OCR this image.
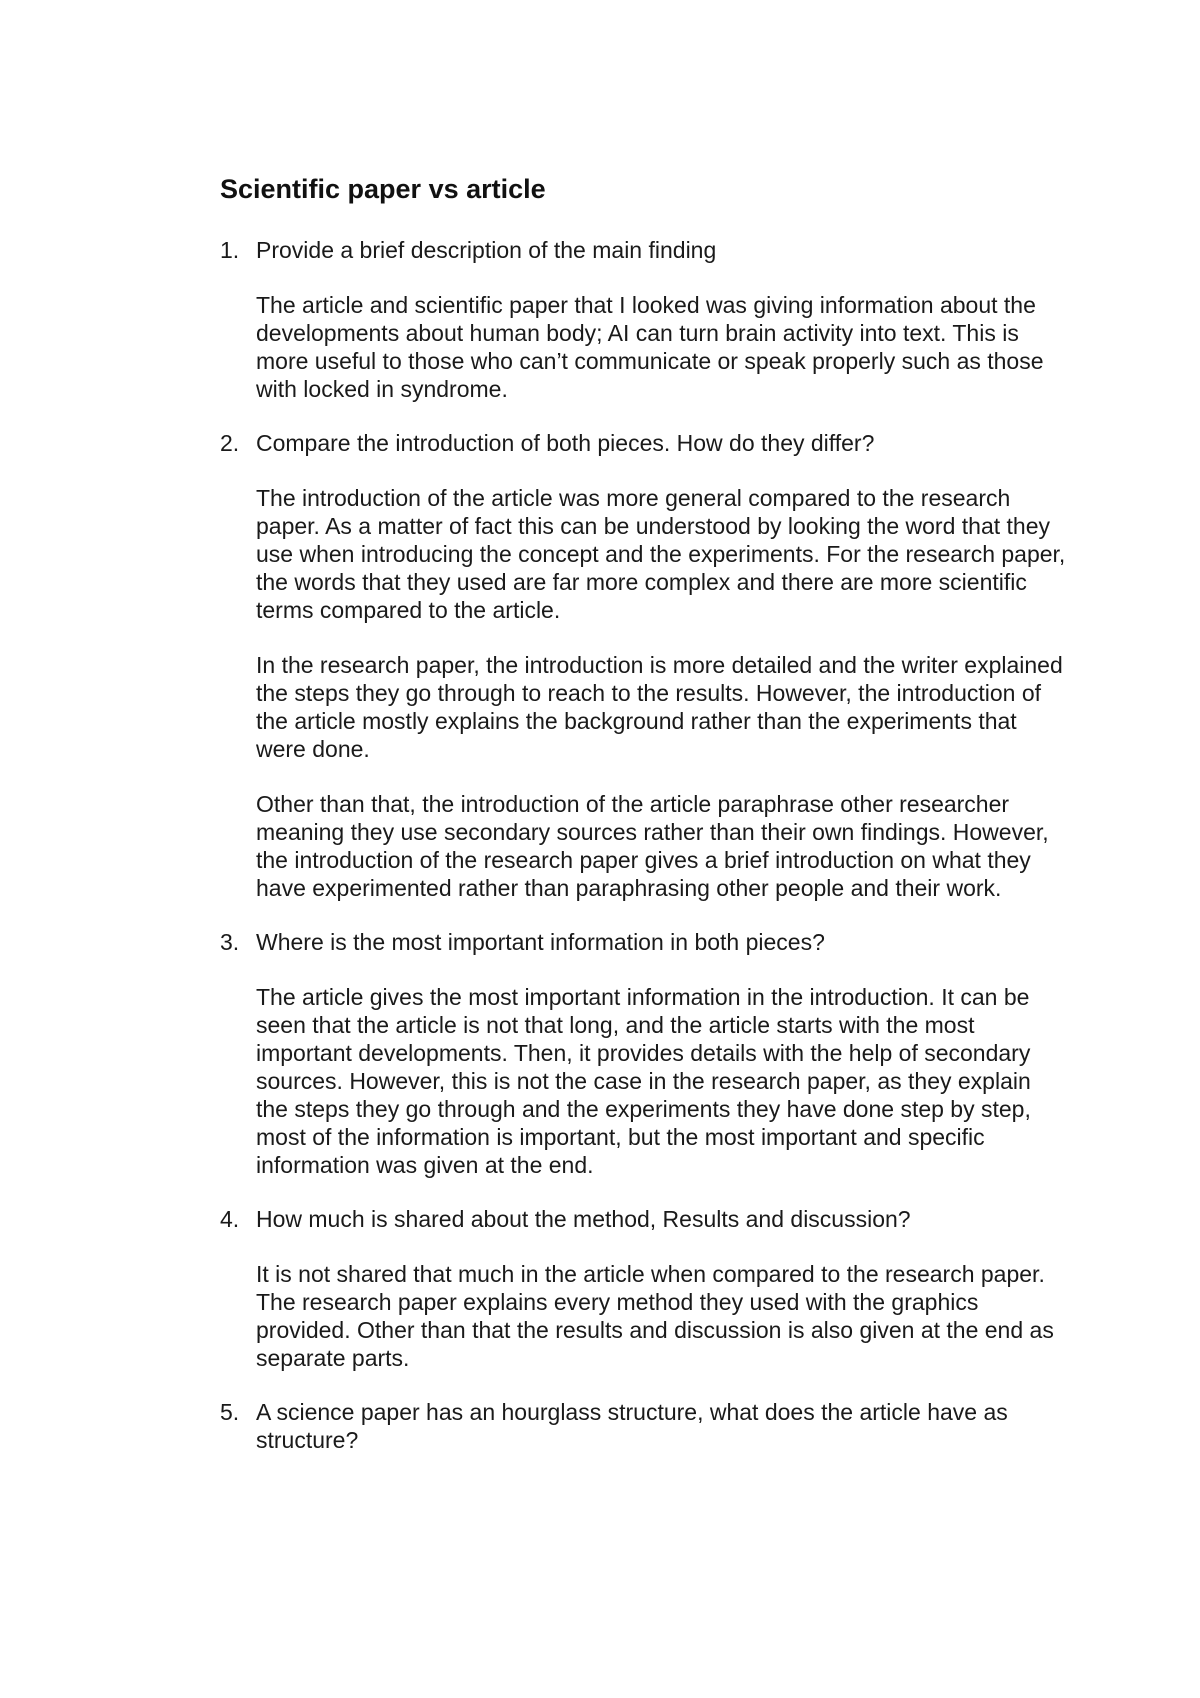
Scientific paper vs article
1. Provide a brief description of the main finding

The article and scientific paper that I looked was giving information about the developments about human body; AI can turn brain activity into text. This is more useful to those who can’t communicate or speak properly such as those with locked in syndrome.

2. Compare the introduction of both pieces. How do they differ?

The introduction of the article was more general compared to the research paper. As a matter of fact this can be understood by looking the word that they use when introducing the concept and the experiments. For the research paper, the words that they used are far more complex and there are more scientific terms compared to the article.

In the research paper, the introduction is more detailed and the writer explained the steps they go through to reach to the results. However, the introduction of the article mostly explains the background rather than the experiments that were done.

Other than that, the introduction of the article paraphrase other researcher meaning they use secondary sources rather than their own findings. However, the introduction of the research paper gives a brief introduction on what they have experimented rather than paraphrasing other people and their work.

3. Where is the most important information in both pieces?

The article gives the most important information in the introduction. It can be seen that the article is not that long, and the article starts with the most important developments. Then, it provides details with the help of secondary sources. However, this is not the case in the research paper, as they explain the steps they go through and the experiments they have done step by step, most of the information is important, but the most important and specific information was given at the end.

4. How much is shared about the method, Results and discussion?

It is not shared that much in the article when compared to the research paper. The research paper explains every method they used with the graphics provided. Other than that the results and discussion is also given at the end as separate parts.

5. A science paper has an hourglass structure, what does the article have as structure?
